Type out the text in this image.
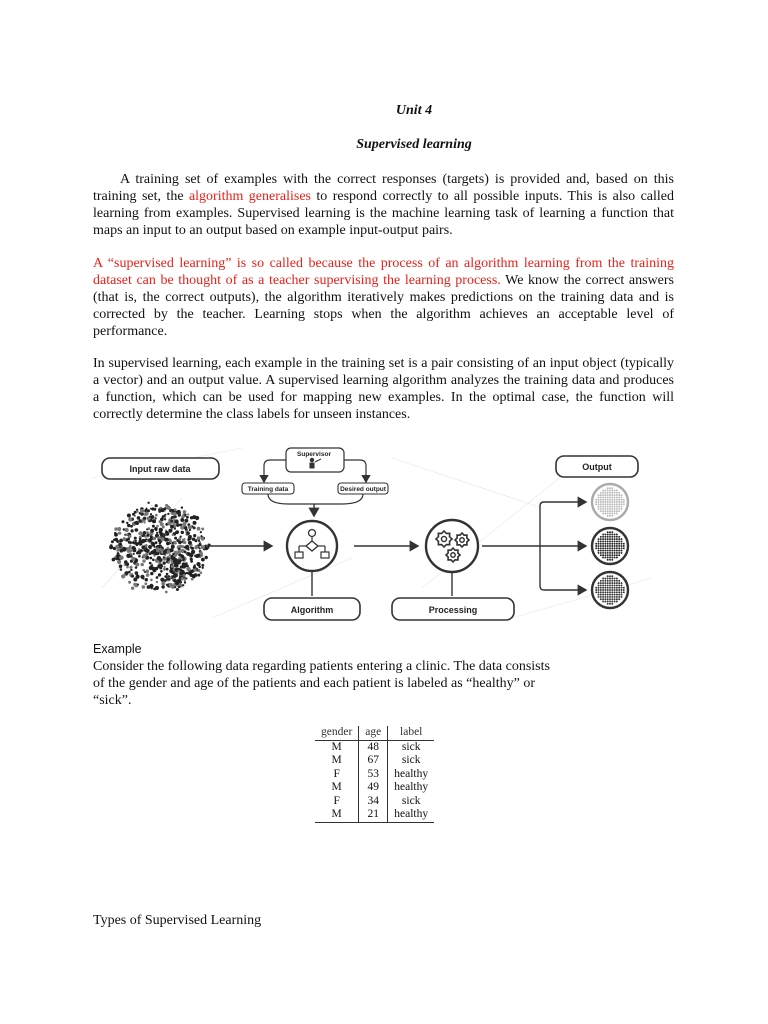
Unit 4
Supervised learning

A training set of examples with the correct responses (targets) is provided and, based on this training set, the algorithm generalises to respond correctly to all possible inputs. This is also called learning from examples. Supervised learning is the machine learning task of learning a function that maps an input to an output based on example input-output pairs.

A “supervised learning” is so called because the process of an algorithm learning from the training dataset can be thought of as a teacher supervising the learning process. We know the correct answers (that is, the correct outputs), the algorithm iteratively makes predictions on the training data and is corrected by the teacher. Learning stops when the algorithm achieves an acceptable level of performance.

In supervised learning, each example in the training set is a pair consisting of an input object (typically a vector) and an output value. A supervised learning algorithm analyzes the training data and produces a function, which can be used for mapping new examples. In the optimal case, the function will correctly determine the class labels for unseen instances.

Input raw data
Supervisor
Training data	Desired output
Algorithm	Processing
Output
Example

Consider the following data regarding patients entering a clinic. The data consists of the gender and age of the patients and each patient is labeled as “healthy” or “sick”.

gender	age	label
M	48	sick
M	67	sick
F	53	healthy
M	49	healthy
F	34	sick
M	21	healthy
Types of Supervised Learning
